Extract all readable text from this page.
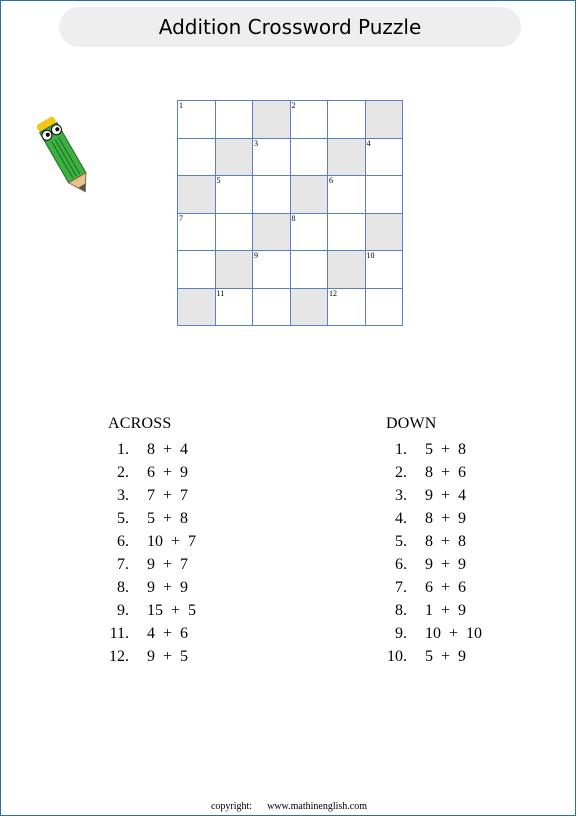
Addition Crossword Puzzle
1	2
3	4
5	6
7	8
9	10
11	12
ACROSS
1. 8  +  4
2. 6  +  9
3. 7  +  7
5. 5  +  8
6. 10  +  7
7. 9  +  7
8. 9  +  9
9. 15  +  5
11. 4  +  6
12. 9  +  5
DOWN
1. 5  +  8
2. 8  +  6
3. 9  +  4
4. 8  +  9
5. 8  +  8
6. 9  +  9
7. 6  +  6
8. 1  +  9
9. 10  +  10
10. 5  +  9
copyright: www.mathinenglish.com
